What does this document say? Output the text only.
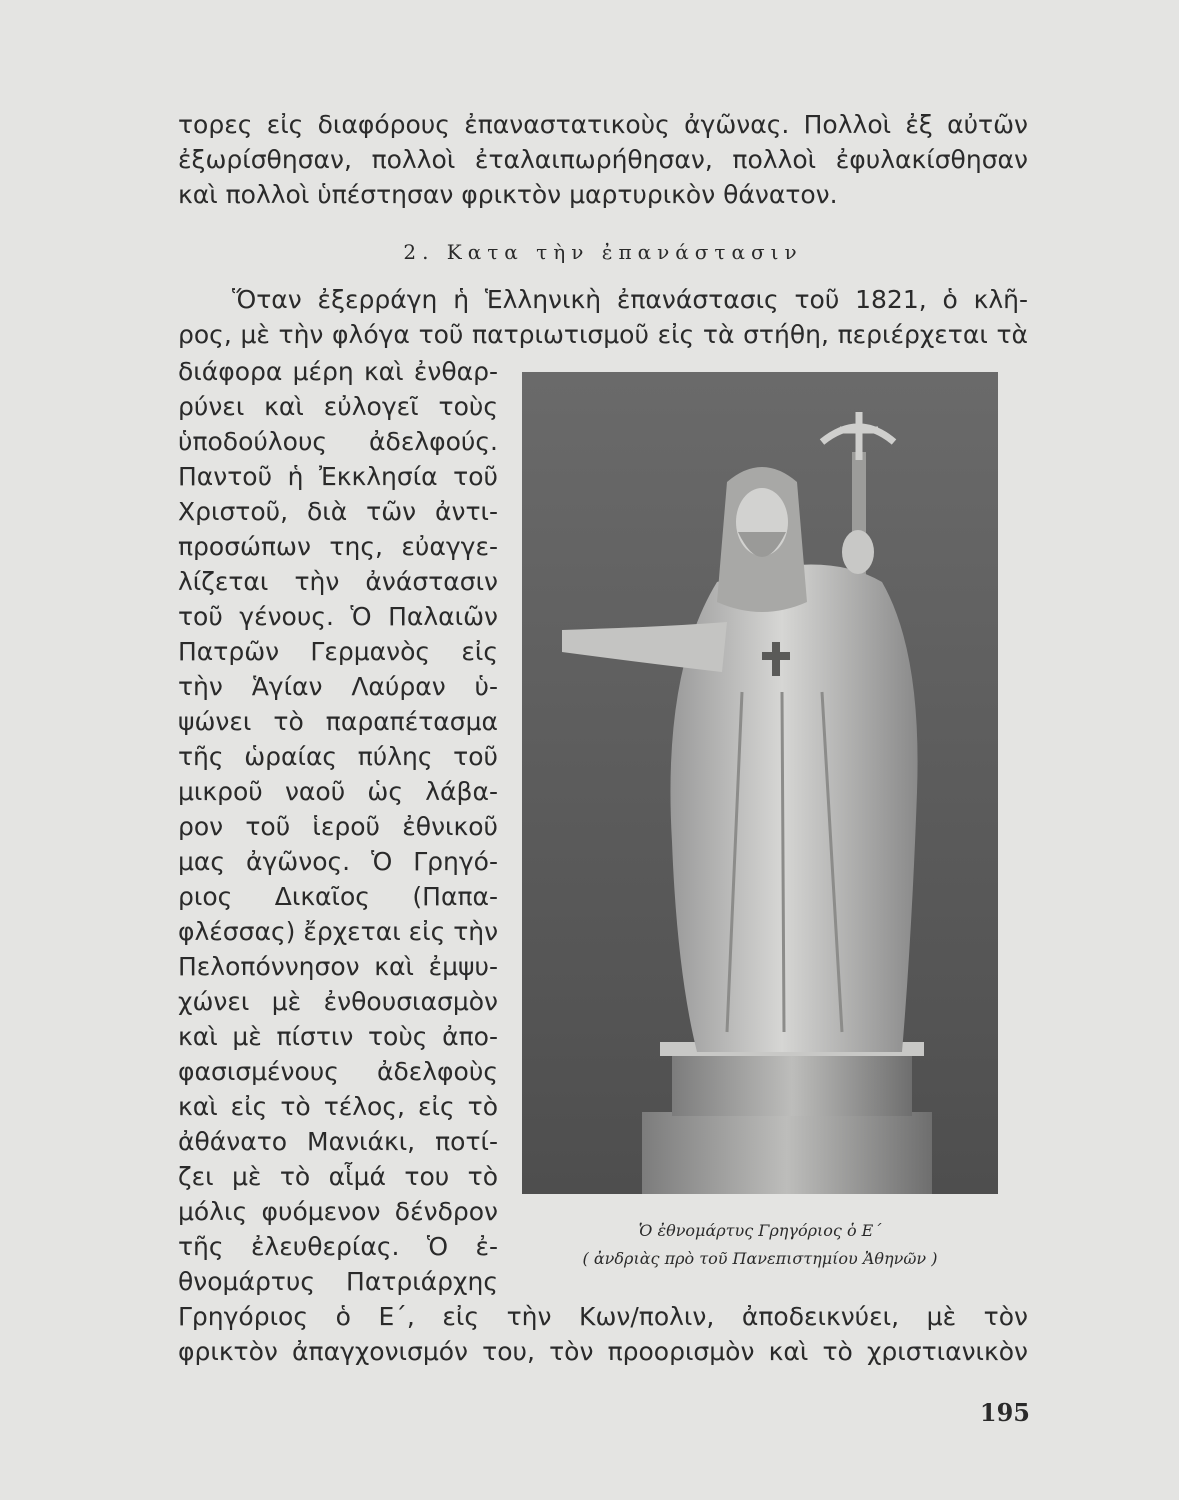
τορες εἰς διαφόρους ἐπαναστατικοὺς ἀγῶνας. Πολλοὶ ἐξ αὐτῶν
ἐξωρίσθησαν, πολλοὶ ἐταλαιπωρήθησαν, πολλοὶ ἐφυλακίσθησαν
καὶ πολλοὶ ὑπέστησαν φρικτὸν μαρτυρικὸν θάνατον.
2. Κατα τὴν ἐπανάστασιν
Ὅταν ἐξερράγη ἡ Ἑλληνικὴ ἐπανάστασις τοῦ 1821, ὁ κλῆ-
ρος, μὲ τὴν φλόγα τοῦ πατριωτισμοῦ εἰς τὰ στήθη, περιέρχεται τὰ
διάφορα μέρη καὶ ἐνθαρ-
ρύνει καὶ εὐλογεῖ τοὺς
ὑποδούλους ἀδελφούς.
Παντοῦ ἡ Ἐκκλησία τοῦ
Χριστοῦ, διὰ τῶν ἀντι-
προσώπων της, εὐαγγε-
λίζεται τὴν ἀνάστασιν
τοῦ γένους. Ὁ Παλαιῶν
Πατρῶν Γερμανὸς εἰς
τὴν Ἁγίαν Λαύραν ὑ-
ψώνει τὸ παραπέτασμα
τῆς ὡραίας πύλης τοῦ
μικροῦ ναοῦ ὡς λάβα-
ρον τοῦ ἱεροῦ ἐθνικοῦ
μας ἀγῶνος. Ὁ Γρηγό-
ριος Δικαῖος (Παπα-
φλέσσας) ἔρχεται εἰς τὴν
Πελοπόννησον καὶ ἐμψυ-
χώνει μὲ ἐνθουσιασμὸν
καὶ μὲ πίστιν τοὺς ἀπο-
φασισμένους ἀδελφοὺς
καὶ εἰς τὸ τέλος, εἰς τὸ
ἀθάνατο Μανιάκι, ποτί-
ζει μὲ τὸ αἷμά του τὸ
μόλις φυόμενον δένδρον
τῆς ἐλευθερίας. Ὁ ἐ-
θνομάρτυς Πατριάρχης
Γρηγόριος ὁ Ε΄, εἰς τὴν Κων/πολιν, ἀποδεικνύει, μὲ τὸν
φρικτὸν ἀπαγχονισμόν του, τὸν προορισμὸν καὶ τὸ χριστιανικὸν
Ὁ ἐθνομάρτυς Γρηγόριος ὁ Ε΄
( ἀνδριὰς πρὸ τοῦ Πανεπιστημίου Ἀθηνῶν )
195
